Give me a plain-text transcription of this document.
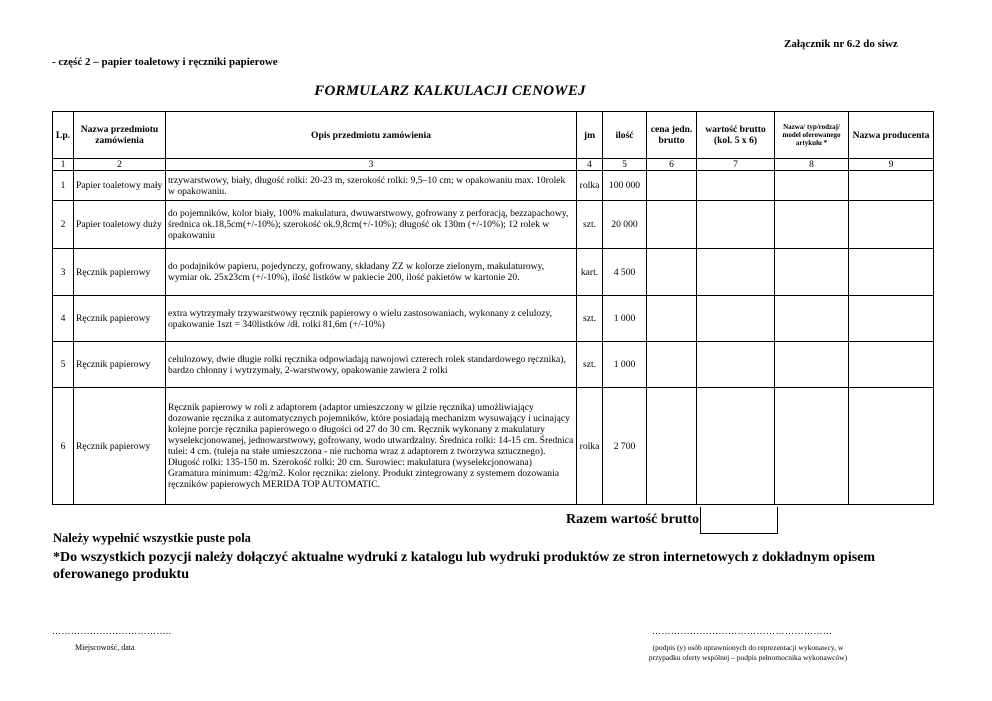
Załącznik nr 6.2 do siwz
- część 2 – papier toaletowy i ręczniki papierowe
FORMULARZ KALKULACJI CENOWEJ
Lp.	Nazwa przedmiotu zamówienia	Opis przedmiotu zamówienia	jm	ilość	cena jedn. brutto	wartość brutto (kol. 5 x 6)	Nazwa/ typ/rodzaj/ model oferowanego artykułu *	Nazwa producenta
1	2	3	4	5	6	7	8	9
1	Papier toaletowy mały	trzywarstwowy, biały, długość rolki: 20-23 m, szerokość rolki: 9,5–10 cm; w opakowaniu max. 10rolek w opakowaniu.	rolka	100 000				
2	Papier toaletowy duży	do pojemników, kolor biały, 100% makulatura, dwuwarstwowy, gofrowany z perforacją, bezzapachowy, średnica ok.18,5cm(+/-10%); szerokość ok.9,8cm(+/-10%); długość ok 130m (+/-10%); 12 rolek w opakowaniu	szt.	20 000				
3	Ręcznik papierowy	do podajników papieru, pojedynczy, gofrowany, składany ZZ w kolorze zielonym, makulaturowy, wymiar ok. 25x23cm (+/-10%), ilość listków w pakiecie 200, ilość pakietów w kartonie 20.	kart.	4 500				
4	Ręcznik papierowy	extra wytrzymały trzywarstwowy ręcznik papierowy o wielu zastosowaniach, wykonany z celulozy, opakowanie 1szt = 340listków /dł. rolki 81,6m (+/-10%)	szt.	1 000				
5	Ręcznik papierowy	celulozowy, dwie długie rolki ręcznika odpowiadają nawojowi czterech rolek standardowego ręcznika), bardzo chłonny i wytrzymały, 2-warstwowy, opakowanie zawiera 2 rolki	szt.	1 000				
6	Ręcznik papierowy	Ręcznik papierowy w roli z adaptorem (adaptor umieszczony w gilzie ręcznika) umożliwiający dozowanie ręcznika z automatycznych pojemników, które posiadają mechanizm wysuwający i ucinający kolejne porcje ręcznika papierowego o długości od 27 do 30 cm. Ręcznik wykonany z makulatury wyselekcjonowanej, jednowarstwowy, gofrowany, wodo utwardzalny. Średnica rolki: 14-15 cm. Średnica tulei: 4 cm. (tuleja na stałe umieszczona - nie ruchoma wraz z adaptorem z tworzywa sztucznego). Długość rolki: 135-150 m. Szerokość rolki: 20 cm. Surowiec: makulatura (wyselekcjonowana) Gramatura minimum: 42g/m2. Kolor ręcznika: zielony. Produkt zintegrowany z systemem dozowania ręczników papierowych MERIDA TOP AUTOMATIC.	rolka	2 700				
Razem wartość brutto
Należy wypełnić wszystkie puste pola
*Do wszystkich pozycji należy dołączyć aktualne wydruki z katalogu lub wydruki produktów ze stron internetowych z dokładnym opisem oferowanego produktu
………………………………..
Miejscowość, data
…………………………………………………
(podpis (y) osób uprawnionych do reprezentacji wykonawcy, w przypadku oferty wspólnej – podpis pełnomocnika wykonawców)
